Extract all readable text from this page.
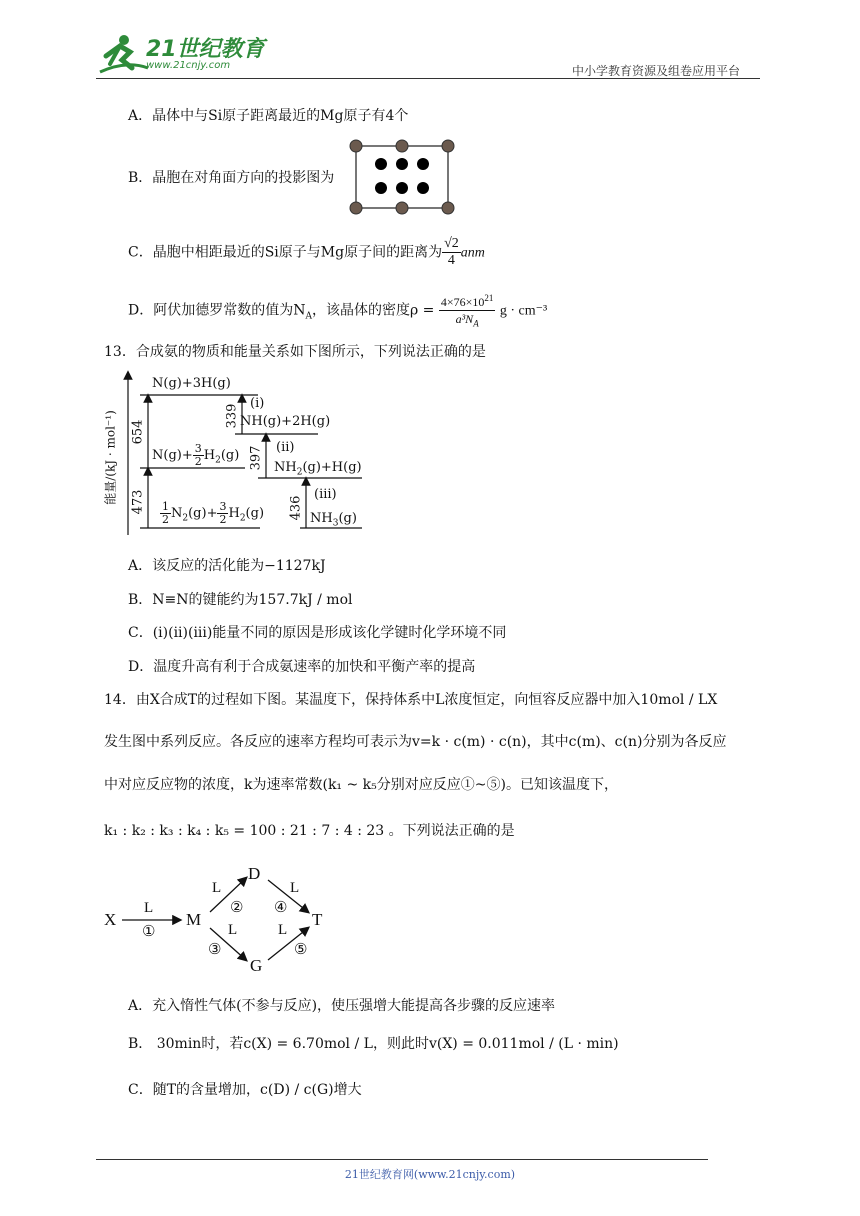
21世纪教育
www.21cnjy.com	中小学教育资源及组卷应用平台
A．晶体中与Si原子距离最近的Mg原子有4个
B．晶胞在对角面方向的投影图为
C．晶胞中相距最近的Si原子与Mg原子间的距离为 $\frac{√2}{4}$ anm
D．阿伏加德罗常数的值为$N_A$，该晶体的密度$\rho = \frac{4\times 76\times 10^{21}}{a^3N_A}$ g · cm⁻³
13．合成氨的物质和能量关系如下图所示，下列说法正确的是
能量/(kJ · mol⁻¹)
N(g)+3H(g)
NH(g)+2H(g)
$N(g)+ \frac{3}{2} H_2(g)$
$NH_2(g)+H(g)$
$\frac{1}{2} N_2(g)+ \frac{3}{2} H_2(g)$	$NH_3(g)$
654
473
339
397
436
(i)
(ii)
(iii)
A．该反应的活化能为−1127kJ
B．N≡N的键能约为157.7kJ / mol
C．(i)(ii)(iii)能量不同的原因是形成该化学键时化学环境不同
D．温度升高有利于合成氨速率的加快和平衡产率的提高
14．由X合成T的过程如下图。某温度下，保持体系中L浓度恒定，向恒容反应器中加入10mol / LX
发生图中系列反应。各反应的速率方程均可表示为v=k · c(m) · c(n)，其中c(m)、c(n)分别为各反应
中对应反应物的浓度，k为速率常数(k₁ ~ k₅分别对应反应①~⑤)。已知该温度下，
k₁ : k₂ : k₃ : k₄ : k₅ = 100 : 21 : 7 : 4 : 23 。下列说法正确的是
X	M
D
G
T
L
L
L
L
L
①
②
③
④
⑤
A．充入惰性气体(不参与反应)，使压强增大能提高各步骤的反应速率
B． 30min时，若c(X) = 6.70mol / L，则此时v(X) = 0.011mol / (L · min)
C．随T的含量增加，c(D) / c(G)增大
21世纪教育网(www.21cnjy.com)
